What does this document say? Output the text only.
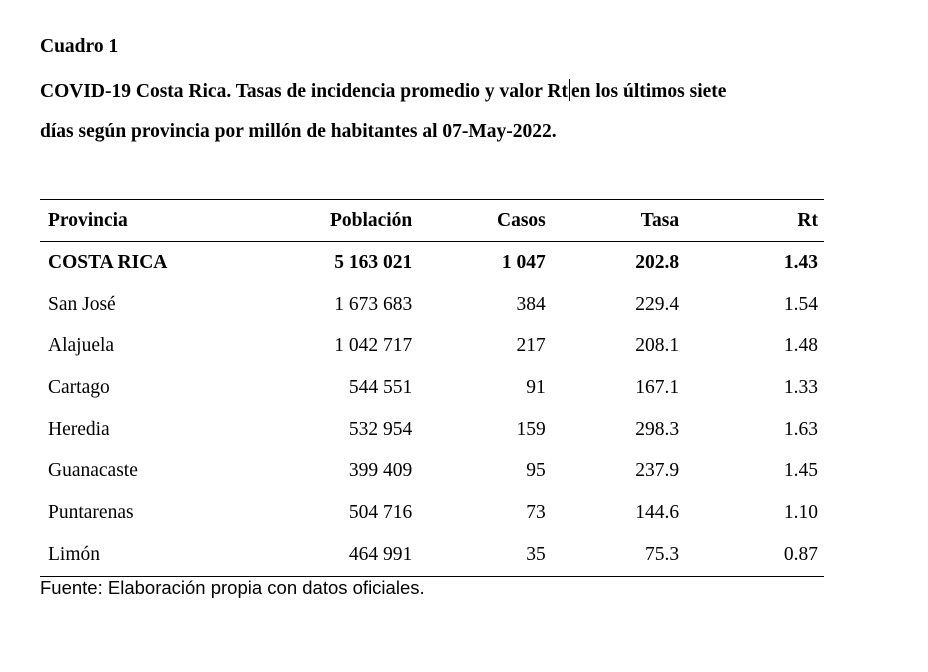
Cuadro 1
COVID-19 Costa Rica. Tasas de incidencia promedio y valor Rt en los últimos siete
días según provincia por millón de habitantes al 07-May-2022.
Provincia	Población	Casos	Tasa	Rt
COSTA RICA	5 163 021	1 047	202.8	1.43
San José	1 673 683	384	229.4	1.54
Alajuela	1 042 717	217	208.1	1.48
Cartago	544 551	91	167.1	1.33
Heredia	532 954	159	298.3	1.63
Guanacaste	399 409	95	237.9	1.45
Puntarenas	504 716	73	144.6	1.10
Limón	464 991	35	75.3	0.87
Fuente: Elaboración propia con datos oficiales.
